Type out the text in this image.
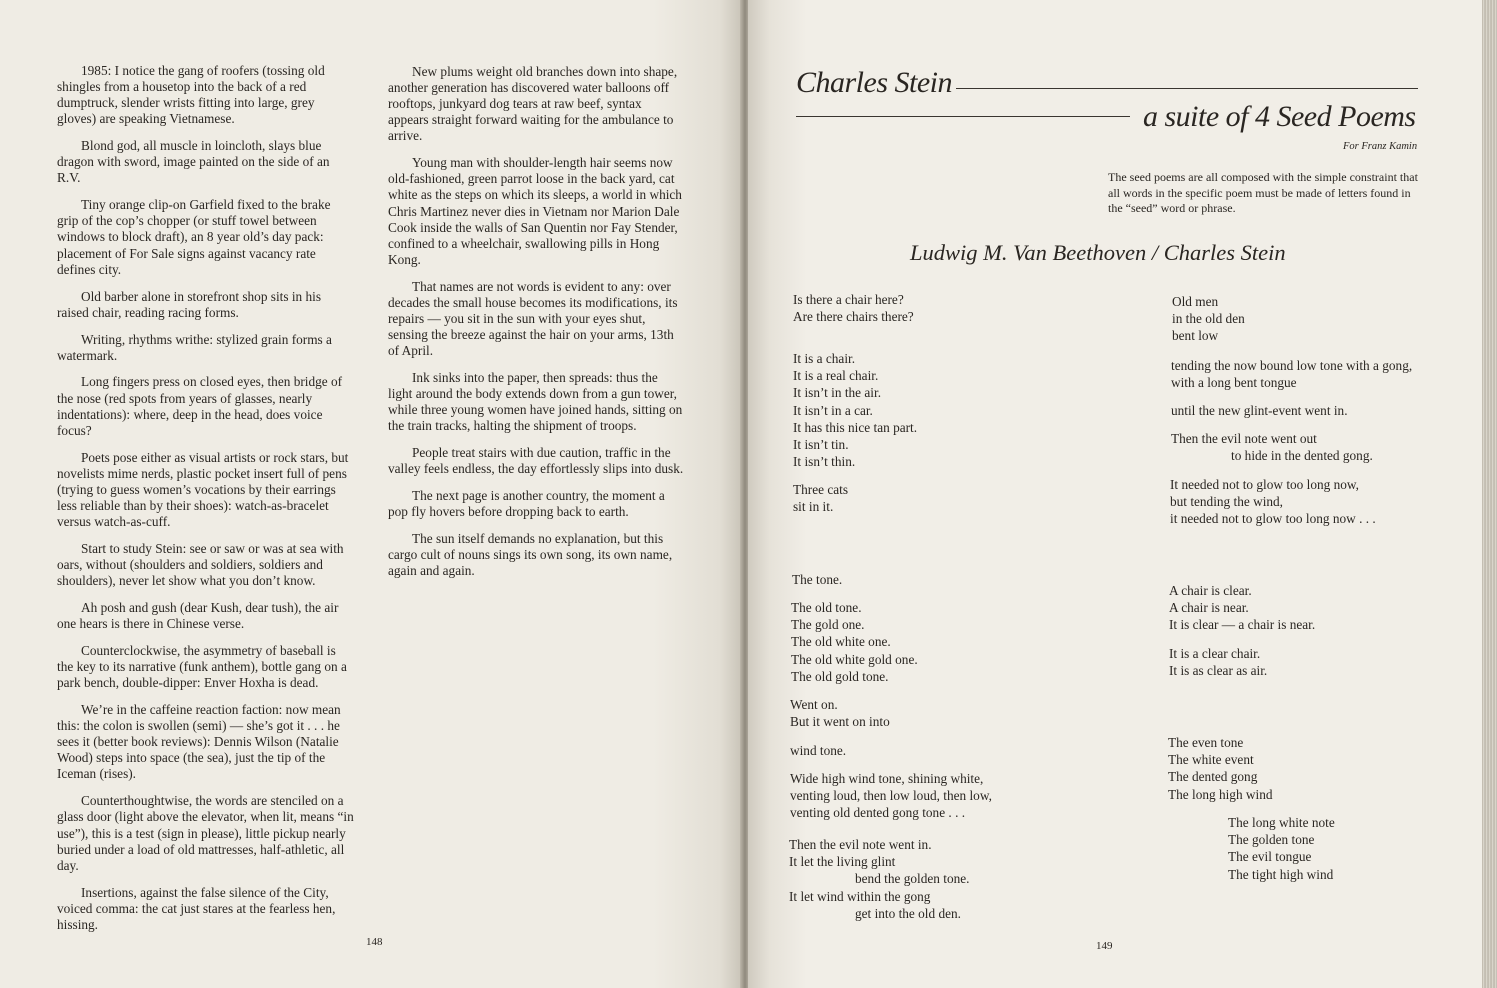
1985: I notice the gang of roofers (tossing old shingles from a housetop into the back of a red dumptruck, slender wrists fitting into large, grey gloves) are speaking Vietnamese.

Blond god, all muscle in loincloth, slays blue dragon with sword, image painted on the side of an R.V.

Tiny orange clip-on Garfield fixed to the brake grip of the cop’s chopper (or stuff towel between windows to block draft), an 8 year old’s day pack: placement of For Sale signs against vacancy rate defines city.

Old barber alone in storefront shop sits in his raised chair, reading racing forms.

Writing, rhythms writhe: stylized grain forms a watermark.

Long fingers press on closed eyes, then bridge of the nose (red spots from years of glasses, nearly indentations): where, deep in the head, does voice focus?

Poets pose either as visual artists or rock stars, but novelists mime nerds, plastic pocket insert full of pens (trying to guess women’s vocations by their earrings less reliable than by their shoes): watch-as-bracelet versus watch-as-cuff.

Start to study Stein: see or saw or was at sea with oars, without (shoulders and soldiers, soldiers and shoulders), never let show what you don’t know.

Ah posh and gush (dear Kush, dear tush), the air one hears is there in Chinese verse.

Counterclockwise, the asymmetry of baseball is the key to its narrative (funk anthem), bottle gang on a park bench, double-dipper: Enver Hoxha is dead.

We’re in the caffeine reaction faction: now mean this: the colon is swollen (semi) — she’s got it . . . he sees it (better book reviews): Dennis Wilson (Natalie Wood) steps into space (the sea), just the tip of the Iceman (rises).

Counterthoughtwise, the words are stenciled on a glass door (light above the elevator, when lit, means “in use”), this is a test (sign in please), little pickup nearly buried under a load of old mattresses, half-athletic, all day.

Insertions, against the false silence of the City, voiced comma: the cat just stares at the fearless hen, hissing.

New plums weight old branches down into shape, another generation has discovered water balloons off rooftops, junkyard dog tears at raw beef, syntax appears straight forward waiting for the ambulance to arrive.

Young man with shoulder-length hair seems now old-fashioned, green parrot loose in the back yard, cat white as the steps on which its sleeps, a world in which Chris Martinez never dies in Vietnam nor Marion Dale Cook inside the walls of San Quentin nor Fay Stender, confined to a wheelchair, swallowing pills in Hong Kong.

That names are not words is evident to any: over decades the small house becomes its modifications, its repairs — you sit in the sun with your eyes shut, sensing the breeze against the hair on your arms, 13th of April.

Ink sinks into the paper, then spreads: thus the light around the body extends down from a gun tower, while three young women have joined hands, sitting on the train tracks, halting the shipment of troops.

People treat stairs with due caution, traffic in the valley feels endless, the day effortlessly slips into dusk.

The next page is another country, the moment a pop fly hovers before dropping back to earth.

The sun itself demands no explanation, but this cargo cult of nouns sings its own song, its own name, again and again.

148
Charles Stein
a suite of 4 Seed Poems
For Franz Kamin
The seed poems are all composed with the simple constraint that all words in the specific poem must be made of letters found in the “seed” word or phrase.
Ludwig M. Van Beethoven / Charles Stein
Is there a chair here?
Are there chairs there?
It is a chair.
It is a real chair.
It isn’t in the air.
It isn’t in a car.
It has this nice tan part.
It isn’t tin.
It isn’t thin.
Three cats
sit in it.
The tone.
The old tone.
The gold one.
The old white one.
The old white gold one.
The old gold tone.
Went on.
But it went on into
wind tone.
Wide high wind tone, shining white,
venting loud, then low loud, then low,
venting old dented gong tone . . .
Then the evil note went in.
It let the living glint
bend the golden tone.
It let wind within the gong
get into the old den.
Old men
in the old den
bent low
tending the now bound low tone with a gong,
with a long bent tongue
until the new glint-event went in.
Then the evil note went out
to hide in the dented gong.
It needed not to glow too long now,
but tending the wind,
it needed not to glow too long now . . .
A chair is clear.
A chair is near.
It is clear — a chair is near.
It is a clear chair.
It is as clear as air.
The even tone
The white event
The dented gong
The long high wind
The long white note
The golden tone
The evil tongue
The tight high wind
149
